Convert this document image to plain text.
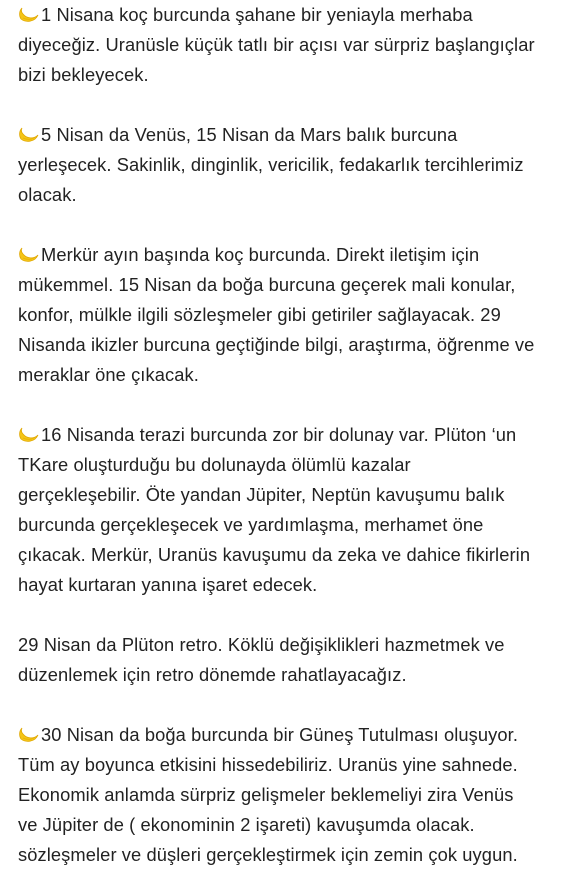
1 Nisana koç burcunda şahane bir yeniayla merhaba
diyeceğiz. Uranüsle küçük tatlı bir açısı var sürpriz başlangıçlar
bizi bekleyecek.
5 Nisan da Venüs, 15 Nisan da Mars balık burcuna
yerleşecek. Sakinlik, dinginlik, vericilik, fedakarlık tercihlerimiz
olacak.
Merkür ayın başında koç burcunda. Direkt iletişim için
mükemmel. 15 Nisan da boğa burcuna geçerek mali konular,
konfor, mülkle ilgili sözleşmeler gibi getiriler sağlayacak. 29
Nisanda ikizler burcuna geçtiğinde bilgi, araştırma, öğrenme ve
meraklar öne çıkacak.
16 Nisanda terazi burcunda zor bir dolunay var. Plüton ‘un
TKare oluşturduğu bu dolunayda ölümlü kazalar
gerçekleşebilir. Öte yandan Jüpiter, Neptün kavuşumu balık
burcunda gerçekleşecek ve yardımlaşma, merhamet öne
çıkacak. Merkür, Uranüs kavuşumu da zeka ve dahice fikirlerin
hayat kurtaran yanına işaret edecek.
29 Nisan da Plüton retro. Köklü değişiklikleri hazmetmek ve
düzenlemek için retro dönemde rahatlayacağız.
30 Nisan da boğa burcunda bir Güneş Tutulması oluşuyor.
Tüm ay boyunca etkisini hissedebiliriz. Uranüs yine sahnede.
Ekonomik anlamda sürpriz gelişmeler beklemeliyi zira Venüs
ve Jüpiter de ( ekonominin 2 işareti) kavuşumda olacak.
sözleşmeler ve düşleri gerçekleştirmek için zemin çok uygun.
